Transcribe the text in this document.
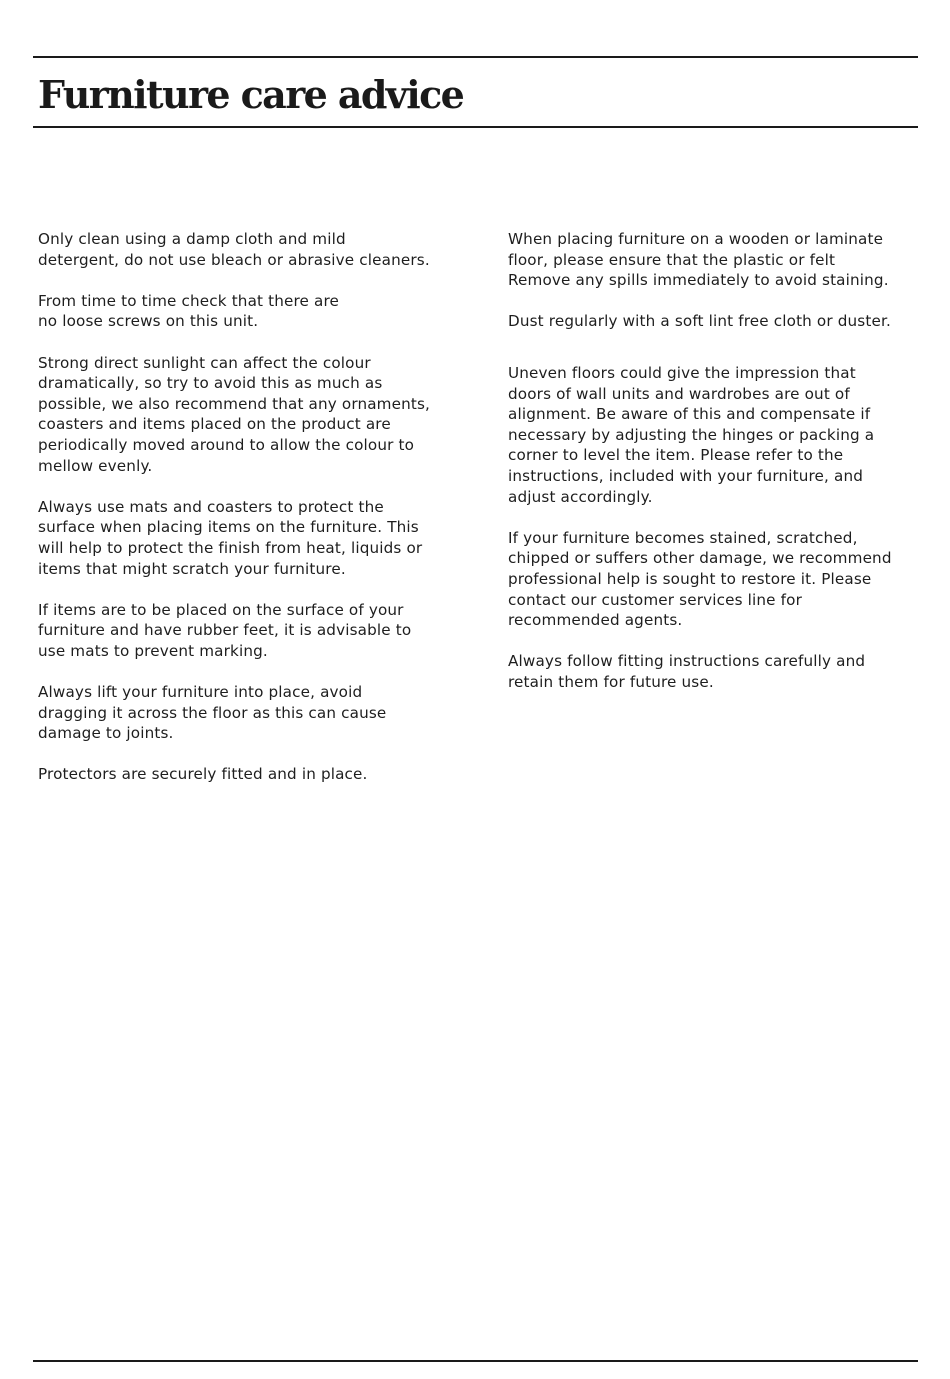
Furniture care advice

Only clean using a damp cloth and mild
detergent, do not use bleach or abrasive cleaners.

From time to time check that there are
no loose screws on this unit.

Strong direct sunlight can affect the colour
dramatically, so try to avoid this as much as
possible, we also recommend that any ornaments,
coasters and items placed on the product are
periodically moved around to allow the colour to
mellow evenly.

Always use mats and coasters to protect the
surface when placing items on the furniture. This
will help to protect the finish from heat, liquids or
items that might scratch your furniture.

If items are to be placed on the surface of your
furniture and have rubber feet, it is advisable to
use mats to prevent marking.

Always lift your furniture into place, avoid
dragging it across the floor as this can cause
damage to joints.

Protectors are securely fitted and in place.

When placing furniture on a wooden or laminate
floor, please ensure that the plastic or felt
Remove any spills immediately to avoid staining.

Dust regularly with a soft lint free cloth or duster.

Uneven floors could give the impression that
doors of wall units and wardrobes are out of
alignment. Be aware of this and compensate if
necessary by adjusting the hinges or packing a
corner to level the item. Please refer to the
instructions, included with your furniture, and
adjust accordingly.

If your furniture becomes stained, scratched,
chipped or suffers other damage, we recommend
professional help is sought to restore it. Please
contact our customer services line for
recommended agents.

Always follow fitting instructions carefully and
retain them for future use.
